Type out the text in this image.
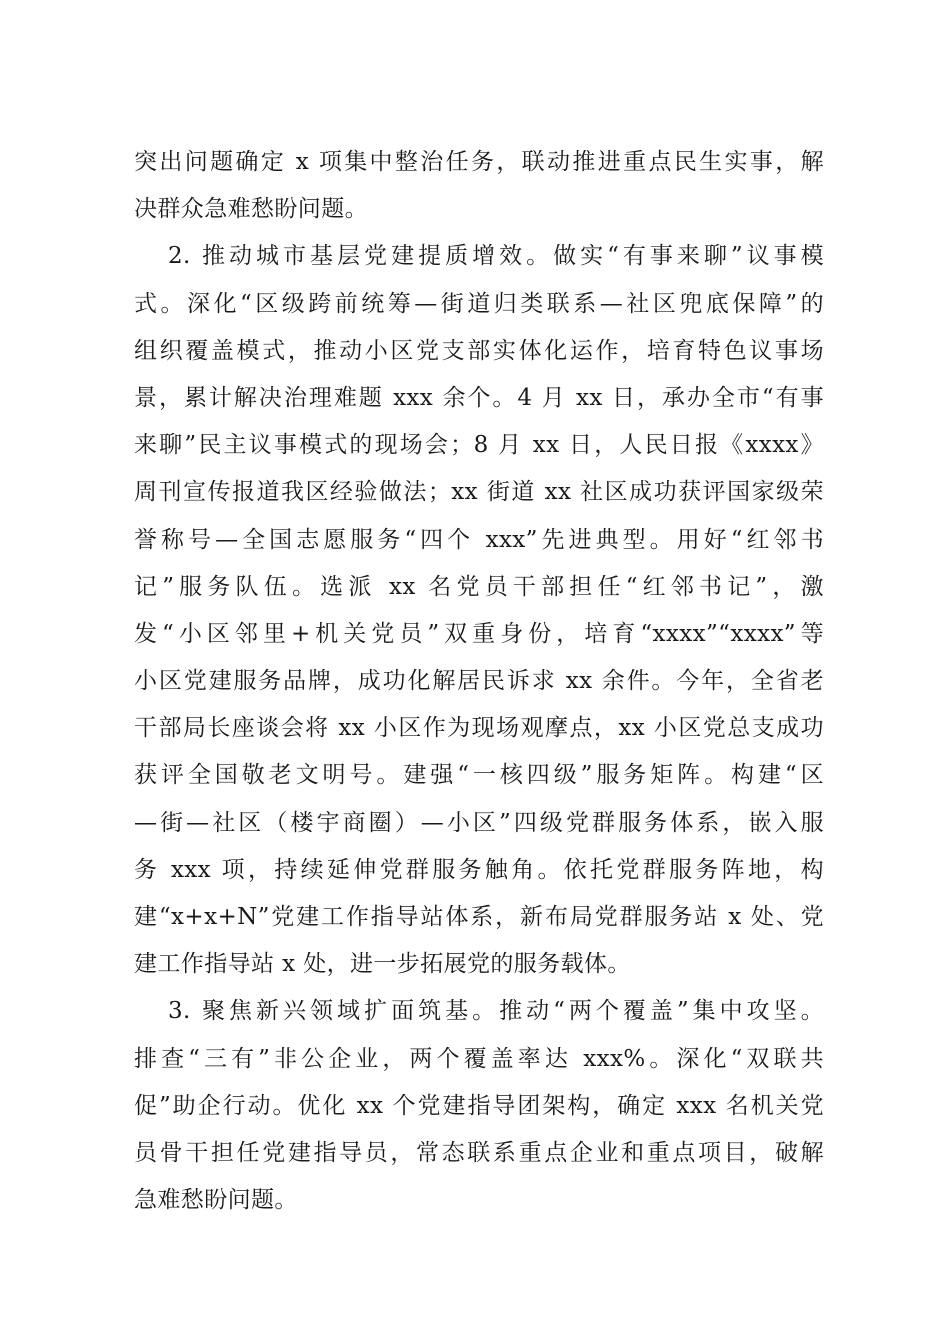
突出问题确定 x 项集中整治任务，联动推进重点民生实事，解
决群众急难愁盼问题。
2. 推动城市基层党建提质增效。做实“有事来聊”议事模
式。深化“区级跨前统筹—街道归类联系—社区兜底保障”的
组织覆盖模式，推动小区党支部实体化运作，培育特色议事场
景，累计解决治理难题 xxx 余个。4 月 xx 日，承办全市“有事
来聊”民主议事模式的现场会；8 月 xx 日，人民日报《xxxx》
周刊宣传报道我区经验做法；xx 街道 xx 社区成功获评国家级荣
誉称号—全国志愿服务“四个 xxx”先进典型。用好“红邻书
记”服务队伍。选派 xx 名党员干部担任“红邻书记”，激
发“小区邻里+机关党员”双重身份，培育“xxxx”“xxxx”等
小区党建服务品牌，成功化解居民诉求 xx 余件。今年，全省老
干部局长座谈会将 xx 小区作为现场观摩点，xx 小区党总支成功
获评全国敬老文明号。建强“一核四级”服务矩阵。构建“区
—街—社区（楼宇商圈）—小区”四级党群服务体系，嵌入服
务 xxx 项，持续延伸党群服务触角。依托党群服务阵地，构
建“x+x+N”党建工作指导站体系，新布局党群服务站 x 处、党
建工作指导站 x 处，进一步拓展党的服务载体。
3. 聚焦新兴领域扩面筑基。推动“两个覆盖”集中攻坚。
排查“三有”非公企业，两个覆盖率达 xxx%。深化“双联共
促”助企行动。优化 xx 个党建指导团架构，确定 xxx 名机关党
员骨干担任党建指导员，常态联系重点企业和重点项目，破解
急难愁盼问题。
